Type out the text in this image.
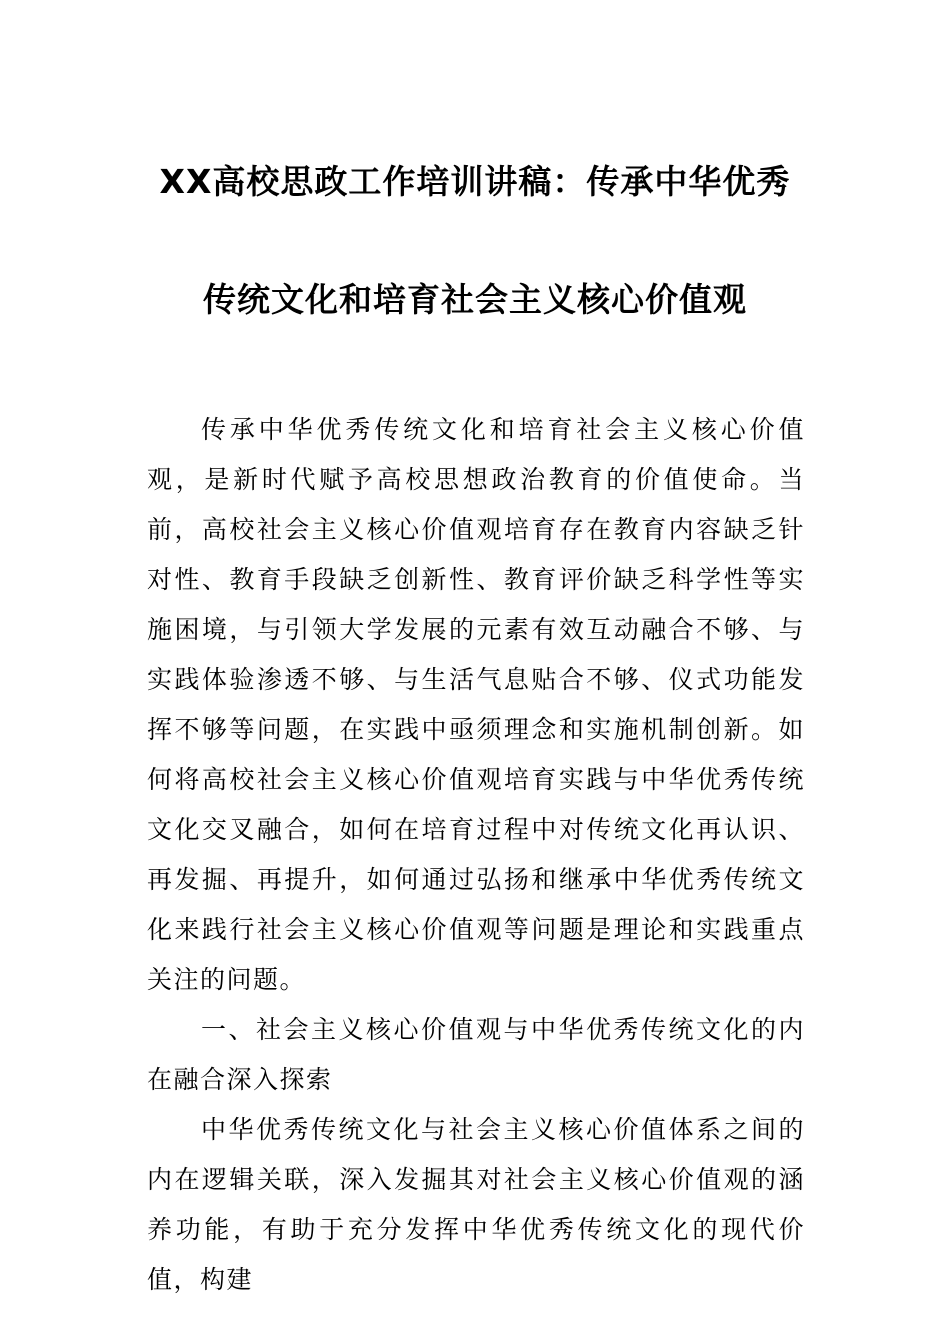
XX高校思政工作培训讲稿：传承中华优秀
传统文化和培育社会主义核心价值观

传承中华优秀传统文化和培育社会主义核心价值观，是新时代赋予高校思想政治教育的价值使命。当前，高校社会主义核心价值观培育存在教育内容缺乏针对性、教育手段缺乏创新性、教育评价缺乏科学性等实施困境，与引领大学发展的元素有效互动融合不够、与实践体验渗透不够、与生活气息贴合不够、仪式功能发挥不够等问题，在实践中亟须理念和实施机制创新。如何将高校社会主义核心价值观培育实践与中华优秀传统文化交叉融合，如何在培育过程中对传统文化再认识、再发掘、再提升，如何通过弘扬和继承中华优秀传统文化来践行社会主义核心价值观等问题是理论和实践重点关注的问题。

一、社会主义核心价值观与中华优秀传统文化的内在融合深入探索

中华优秀传统文化与社会主义核心价值体系之间的内在逻辑关联，深入发掘其对社会主义核心价值观的涵养功能，有助于充分发挥中华优秀传统文化的现代价值，构建
